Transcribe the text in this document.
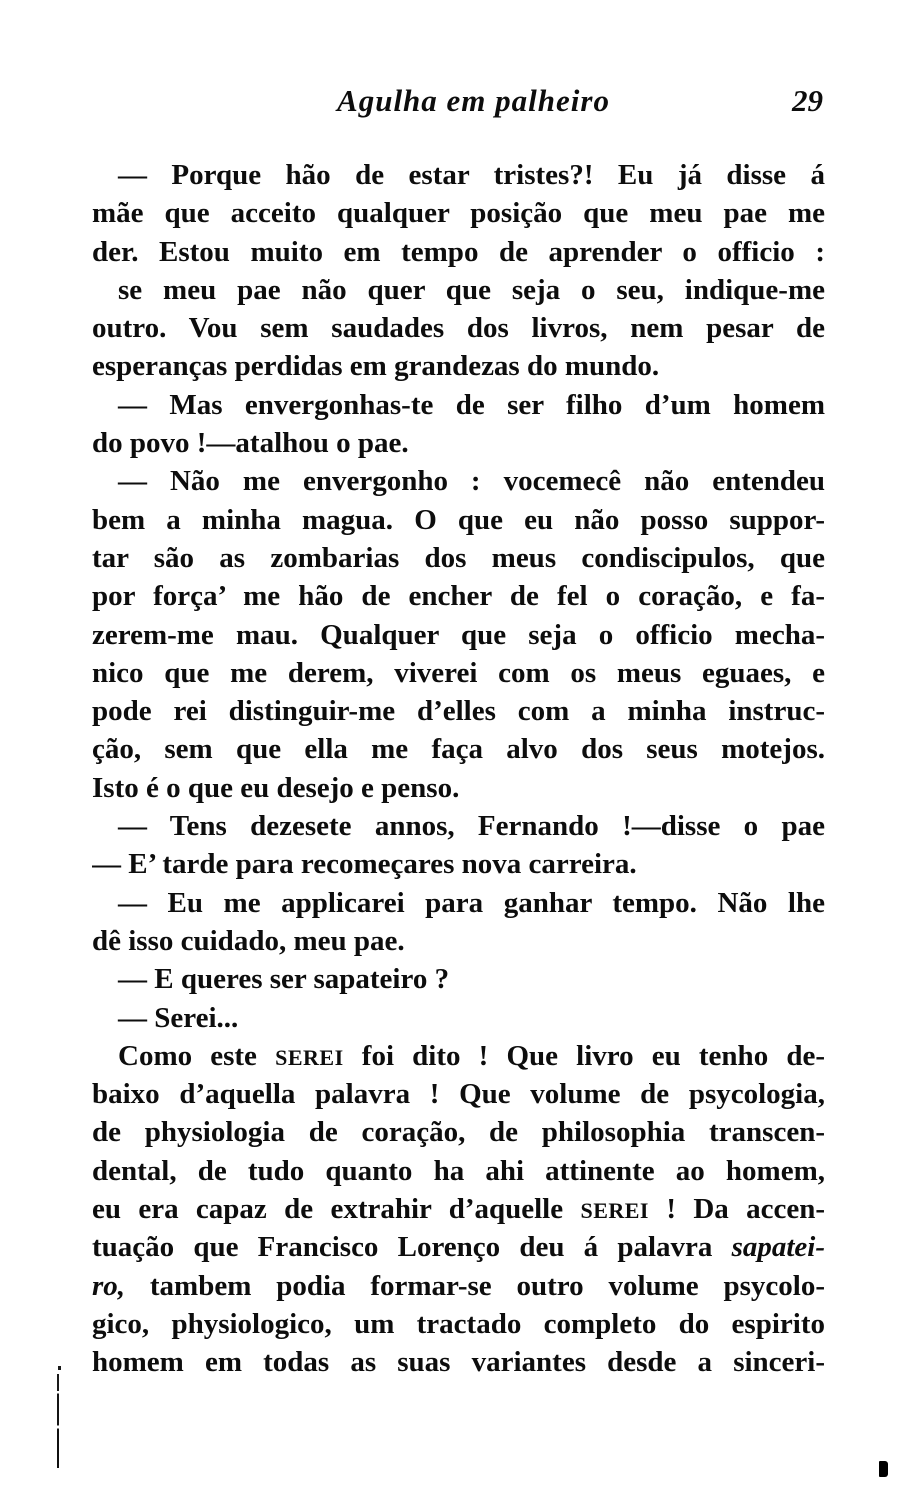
Agulha em palheiro	29
— Porque hão de estar tristes?! Eu já disse á
mãe que acceito qualquer posição que meu pae me
der. Estou muito em tempo de aprender o officio :
se meu pae não quer que seja o seu, indique-me
outro. Vou sem saudades dos livros, nem pesar de
esperanças perdidas em grandezas do mundo.
— Mas envergonhas-te de ser filho d’um homem
do povo !—atalhou o pae.
— Não me envergonho : vocemecê não entendeu
bem a minha magua. O que eu não posso suppor-
tar são as zombarias dos meus condiscipulos, que
por força’ me hão de encher de fel o coração, e fa-
zerem-me mau. Qualquer que seja o officio mecha-
nico que me derem, viverei com os meus eguaes, e
pode rei distinguir-me d’elles com a minha instruc-
ção, sem que ella me faça alvo dos seus motejos.
Isto é o que eu desejo e penso.
— Tens dezesete annos, Fernando !—disse o pae
— E’ tarde para recomeçares nova carreira.
— Eu me applicarei para ganhar tempo. Não lhe
dê isso cuidado, meu pae.
— E queres ser sapateiro ?
— Serei...
Como este SEREI foi dito ! Que livro eu tenho de-
baixo d’aquella palavra ! Que volume de psycologia,
de physiologia de coração, de philosophia transcen-
dental, de tudo quanto ha ahi attinente ao homem,
eu era capaz de extrahir d’aquelle SEREI ! Da accen-
tuação que Francisco Lorenço deu á palavra sapatei-
ro, tambem podia formar-se outro volume psycolo-
gico, physiologico, um tractado completo do espirito
homem em todas as suas variantes desde a sinceri-
